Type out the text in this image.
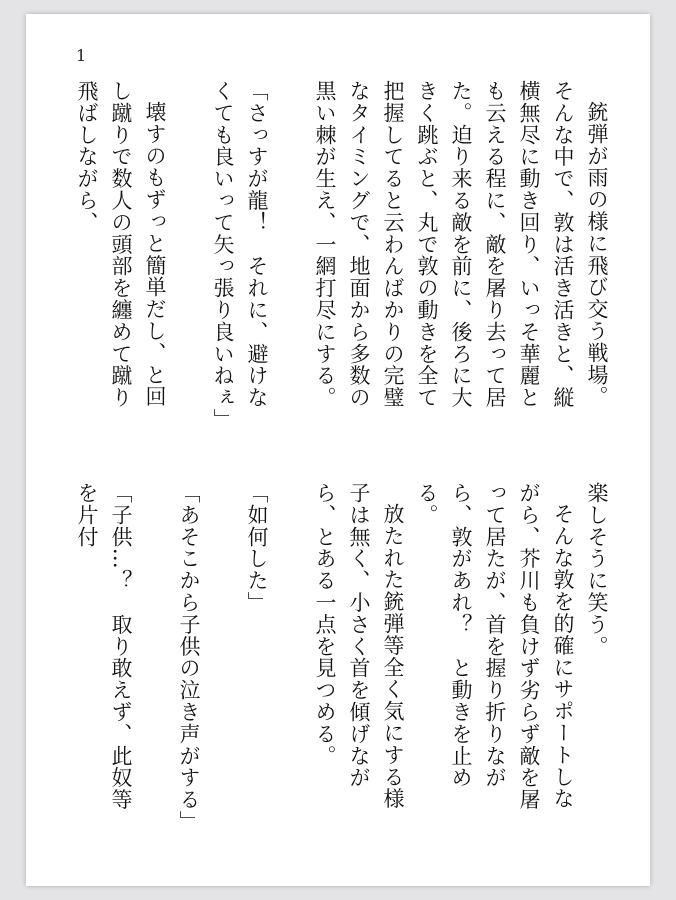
1

銃弾が雨の様に飛び交う戦場。そんな中で、敦は活き活きと、縦横無尽に動き回り、いっそ華麗とも云える程に、敵を屠り去って居た。迫り来る敵を前に、後ろに大きく跳ぶと、丸で敦の動きを全て把握してると云わんばかりの完璧なタイミングで、地面から多数の黒い棘が生え、一網打尽にする。

「さっすが龍！　それに、避けなくても良いって矢っ張り良いねぇ」

壊すのもずっと簡単だし、と回し蹴りで数人の頭部を纏めて蹴り飛ばしながら、

楽しそうに笑う。

そんな敦を的確にサポートしながら、芥川も負けず劣らず敵を屠って居たが、首を握り折りながら、敦があれ？　と動きを止める。

放たれた銃弾等全く気にする様子は無く、小さく首を傾げながら、とある一点を見つめる。

「如何した」

「あそこから子供の泣き声がする」

「子供…？　取り敢えず、此奴等を片付
